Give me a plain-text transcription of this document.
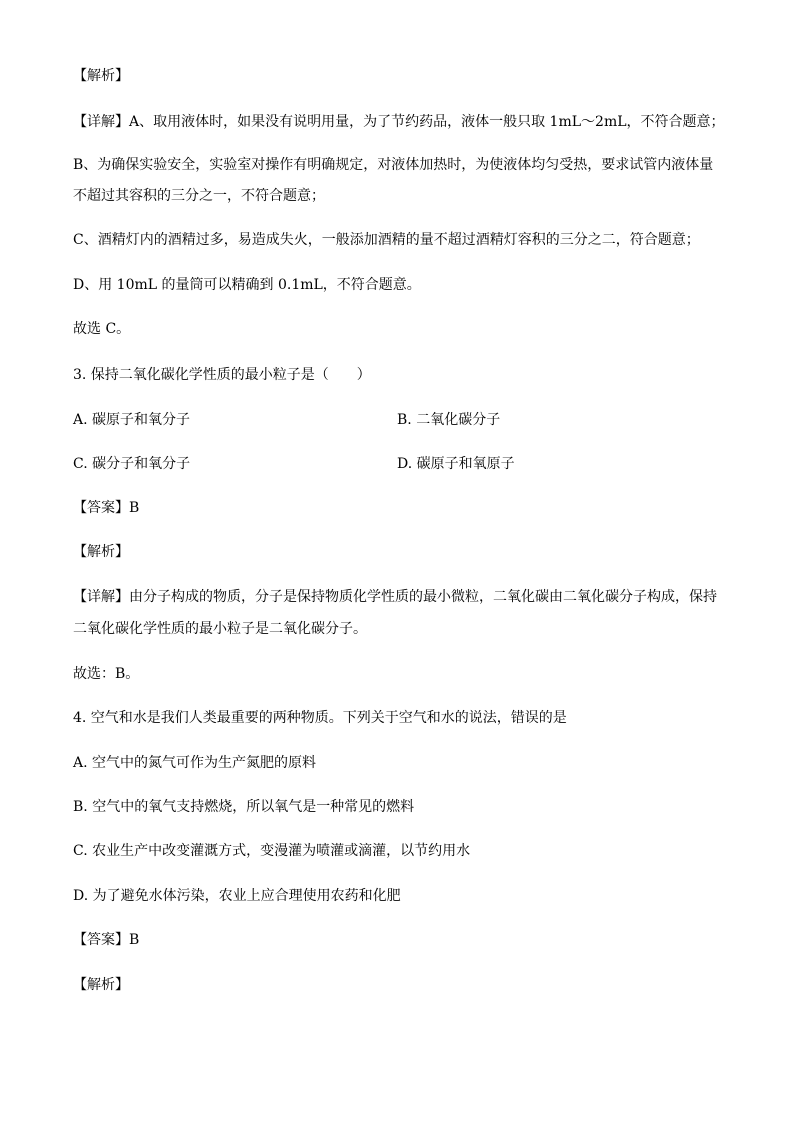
【解析】
【详解】A、取用液体时，如果没有说明用量，为了节约药品，液体一般只取 1mL～2mL，不符合题意；
B、为确保实验安全，实验室对操作有明确规定，对液体加热时，为使液体均匀受热，要求试管内液体量
不超过其容积的三分之一，不符合题意；
C、酒精灯内的酒精过多，易造成失火，一般添加酒精的量不超过酒精灯容积的三分之二，符合题意；
D、用 10mL 的量筒可以精确到 0.1mL，不符合题意。
故选 C。
3. 保持二氧化碳化学性质的最小粒子是（　　）
A. 碳原子和氧分子	B. 二氧化碳分子
C. 碳分子和氧分子	D. 碳原子和氧原子
【答案】B
【解析】
【详解】由分子构成的物质，分子是保持物质化学性质的最小微粒，二氧化碳由二氧化碳分子构成，保持
二氧化碳化学性质的最小粒子是二氧化碳分子。
故选：B。
4. 空气和水是我们人类最重要的两种物质。下列关于空气和水的说法，错误的是
A. 空气中的氮气可作为生产氮肥的原料
B. 空气中的氧气支持燃烧，所以氧气是一种常见的燃料
C. 农业生产中改变灌溉方式，变漫灌为喷灌或滴灌，以节约用水
D. 为了避免水体污染，农业上应合理使用农药和化肥
【答案】B
【解析】
